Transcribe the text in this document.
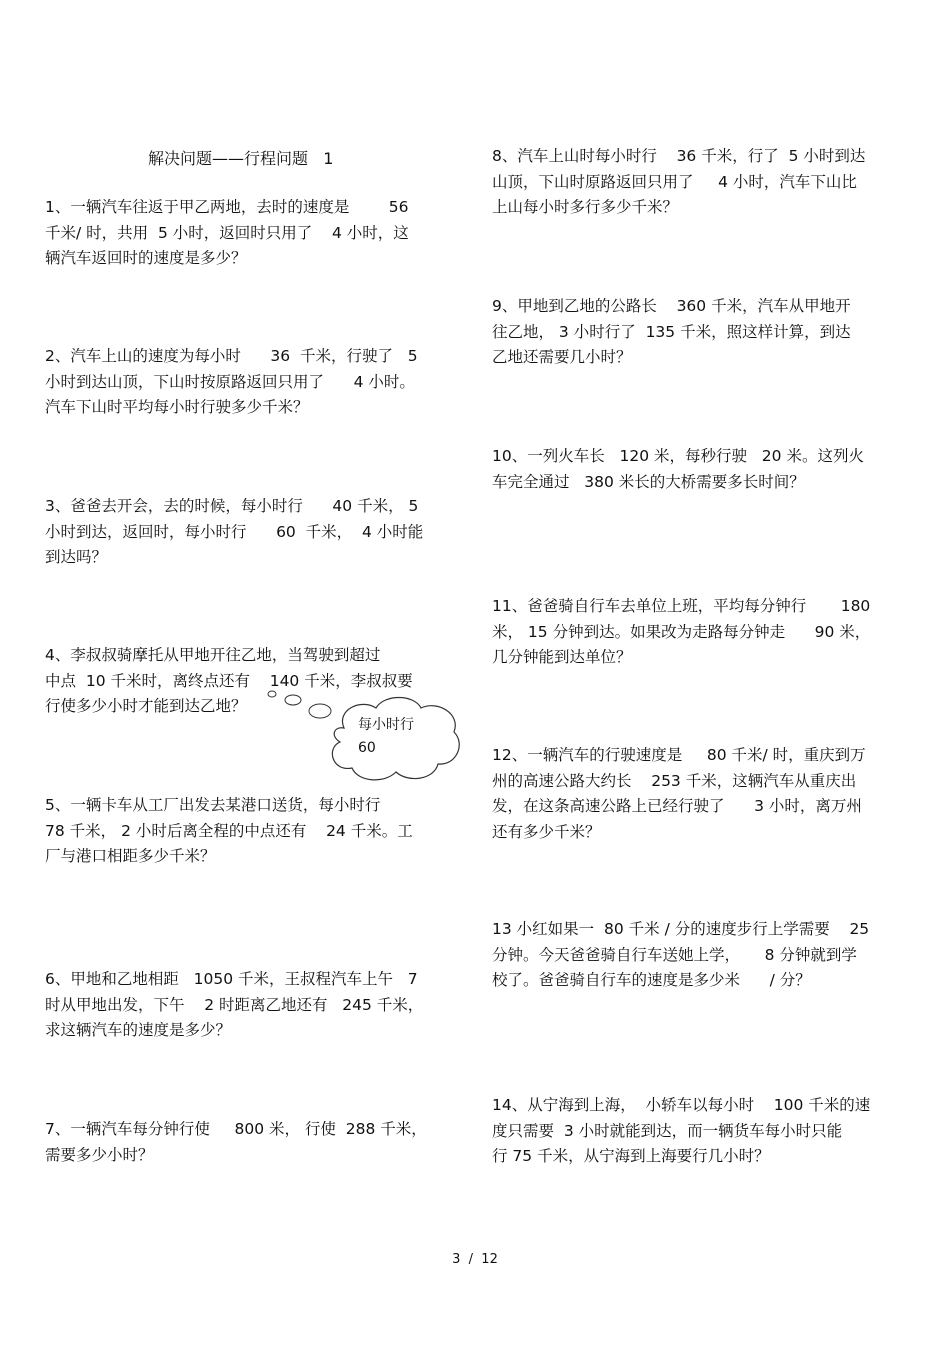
解决问题——行程问题   1
1、一辆汽车往返于甲乙两地，去时的速度是        56
千米/ 时，共用  5 小时，返回时只用了    4 小时，这
辆汽车返回时的速度是多少？
2、汽车上山的速度为每小时      36  千米，行驶了   5
小时到达山顶，下山时按原路返回只用了      4 小时。
汽车下山时平均每小时行驶多少千米？
3、爸爸去开会，去的时候，每小时行      40 千米， 5
小时到达，返回时，每小时行      60  千米，  4 小时能
到达吗？
4、李叔叔骑摩托从甲地开往乙地，当驾驶到超过
中点  10 千米时，离终点还有    140 千米，李叔叔要
行使多少小时才能到达乙地？
5、一辆卡车从工厂出发去某港口送货，每小时行
78 千米， 2 小时后离全程的中点还有    24 千米。工
厂与港口相距多少千米？
6、甲地和乙地相距   1050 千米，王叔程汽车上午   7
时从甲地出发，下午    2 时距离乙地还有   245 千米，
求这辆汽车的速度是多少？
7、一辆汽车每分钟行使     800 米， 行使  288 千米，
需要多少小时？
8、汽车上山时每小时行    36 千米，行了  5 小时到达
山顶，下山时原路返回只用了     4 小时，汽车下山比
上山每小时多行多少千米？
9、甲地到乙地的公路长    360 千米，汽车从甲地开
往乙地， 3 小时行了  135 千米，照这样计算，到达
乙地还需要几小时？
10、一列火车长   120 米，每秒行驶   20 米。这列火
车完全通过   380 米长的大桥需要多长时间？
11、爸爸骑自行车去单位上班，平均每分钟行       180
米， 15 分钟到达。如果改为走路每分钟走      90 米，
几分钟能到达单位？
12、一辆汽车的行驶速度是     80 千米/ 时，重庆到万
州的高速公路大约长    253 千米，这辆汽车从重庆出
发，在这条高速公路上已经行驶了      3 小时，离万州
还有多少千米？
13 小红如果一  80 千米 / 分的速度步行上学需要    25
分钟。今天爸爸骑自行车送她上学，     8 分钟就到学
校了。爸爸骑自行车的速度是多少米      / 分？
14、从宁海到上海，  小轿车以每小时    100 千米的速
度只需要  3 小时就能到达，而一辆货车每小时只能
行 75 千米，从宁海到上海要行几小时？
每小时行
60
3  /  12
